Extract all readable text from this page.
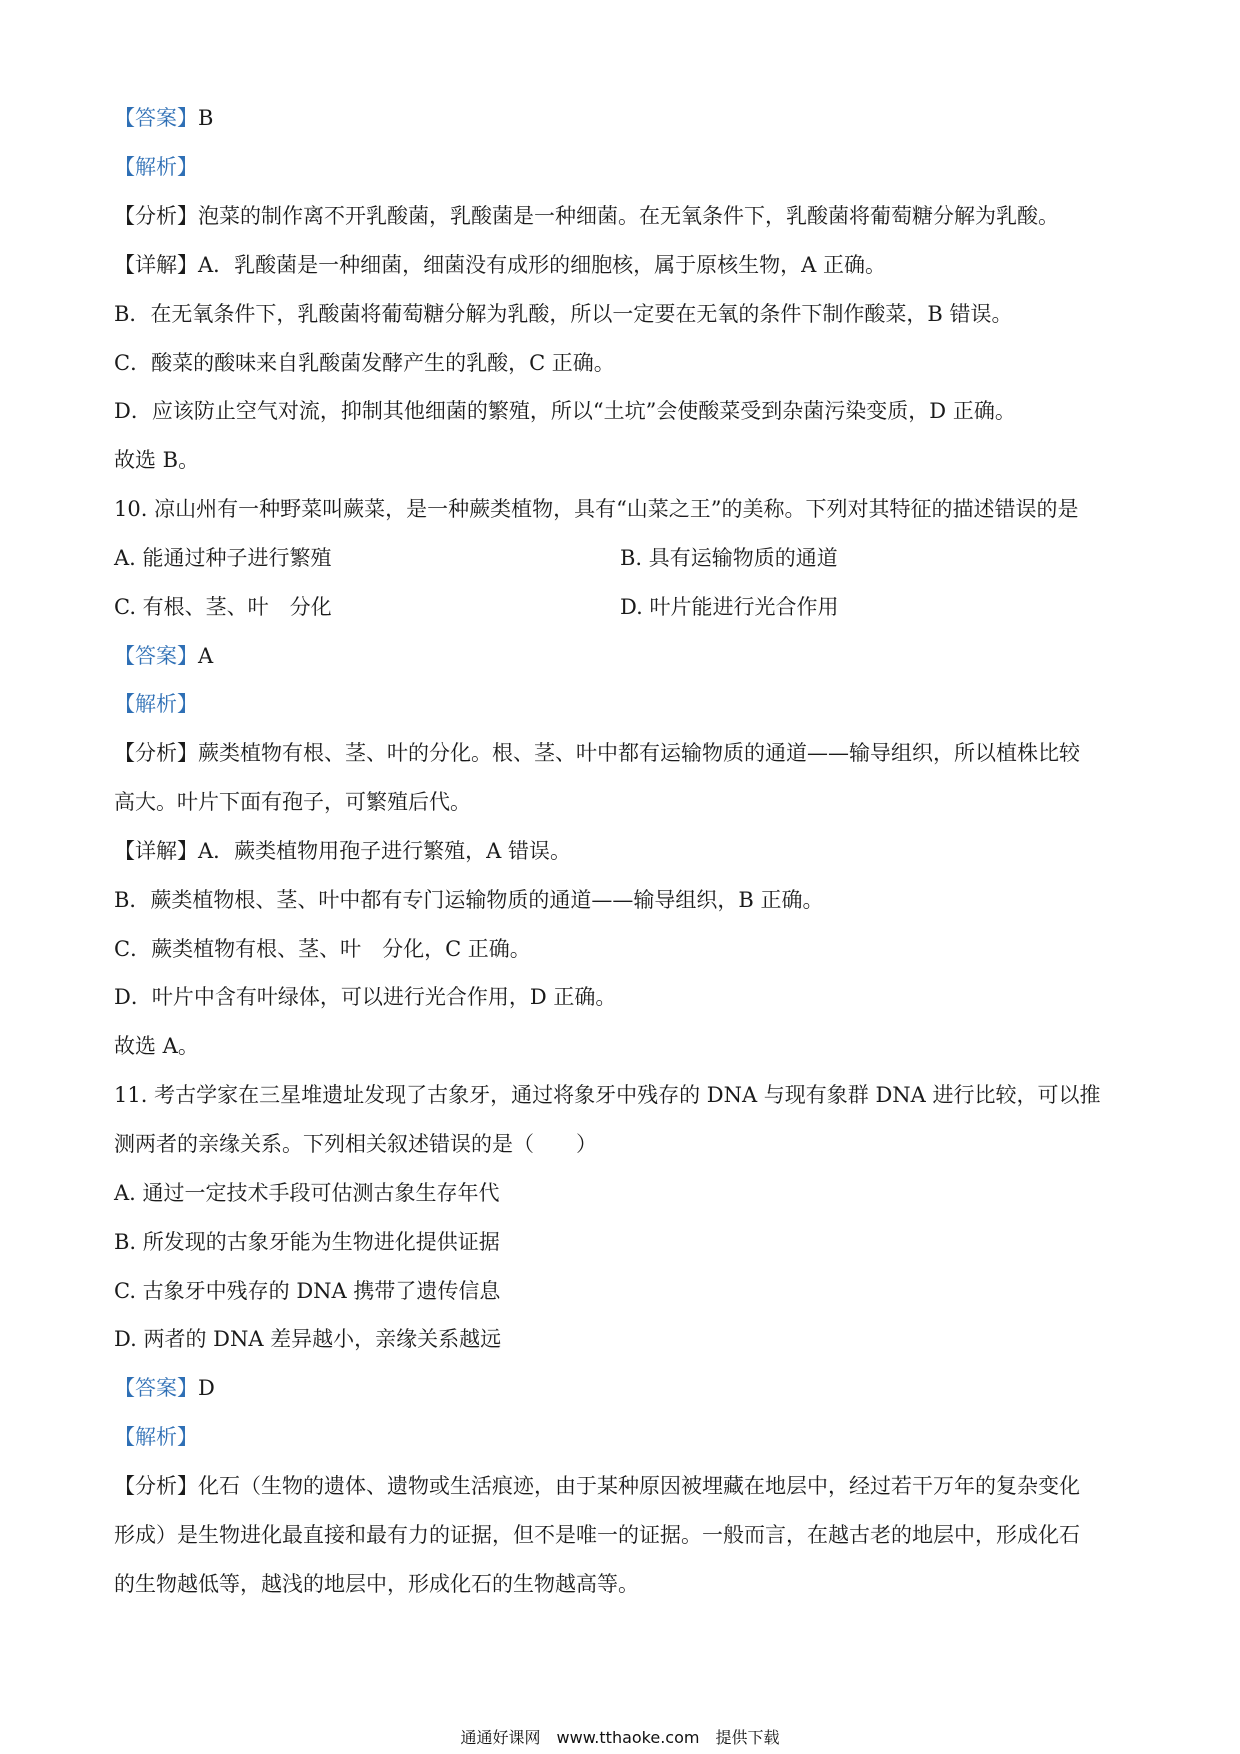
【答案】B
【解析】
【分析】泡菜的制作离不开乳酸菌，乳酸菌是一种细菌。在无氧条件下，乳酸菌将葡萄糖分解为乳酸。
【详解】A．乳酸菌是一种细菌，细菌没有成形的细胞核，属于原核生物，A 正确。
B．在无氧条件下，乳酸菌将葡萄糖分解为乳酸，所以一定要在无氧的条件下制作酸菜，B 错误。
C．酸菜的酸味来自乳酸菌发酵产生的乳酸，C 正确。
D．应该防止空气对流，抑制其他细菌的繁殖，所以“土坑”会使酸菜受到杂菌污染变质，D 正确。
故选 B。
10. 凉山州有一种野菜叫蕨菜，是一种蕨类植物，具有“山菜之王”的美称。下列对其特征的描述错误的是
A. 能通过种子进行繁殖	B. 具有运输物质的通道
C. 有根、茎、叶　分化	D. 叶片能进行光合作用
【答案】A
【解析】
【分析】蕨类植物有根、茎、叶的分化。根、茎、叶中都有运输物质的通道——输导组织，所以植株比较
高大。叶片下面有孢子，可繁殖后代。
【详解】A．蕨类植物用孢子进行繁殖，A 错误。
B．蕨类植物根、茎、叶中都有专门运输物质的通道——输导组织，B 正确。
C．蕨类植物有根、茎、叶　分化，C 正确。
D．叶片中含有叶绿体，可以进行光合作用，D 正确。
故选 A。
11. 考古学家在三星堆遗址发现了古象牙，通过将象牙中残存的 DNA 与现有象群 DNA 进行比较，可以推
测两者的亲缘关系。下列相关叙述错误的是（　　）
A. 通过一定技术手段可估测古象生存年代
B. 所发现的古象牙能为生物进化提供证据
C. 古象牙中残存的 DNA 携带了遗传信息
D. 两者的 DNA 差异越小，亲缘关系越远
【答案】D
【解析】
【分析】化石（生物的遗体、遗物或生活痕迹，由于某种原因被埋藏在地层中，经过若干万年的复杂变化
形成）是生物进化最直接和最有力的证据，但不是唯一的证据。一般而言，在越古老的地层中，形成化石
的生物越低等，越浅的地层中，形成化石的生物越高等。
通通好课网　www.tthaoke.com　提供下载
